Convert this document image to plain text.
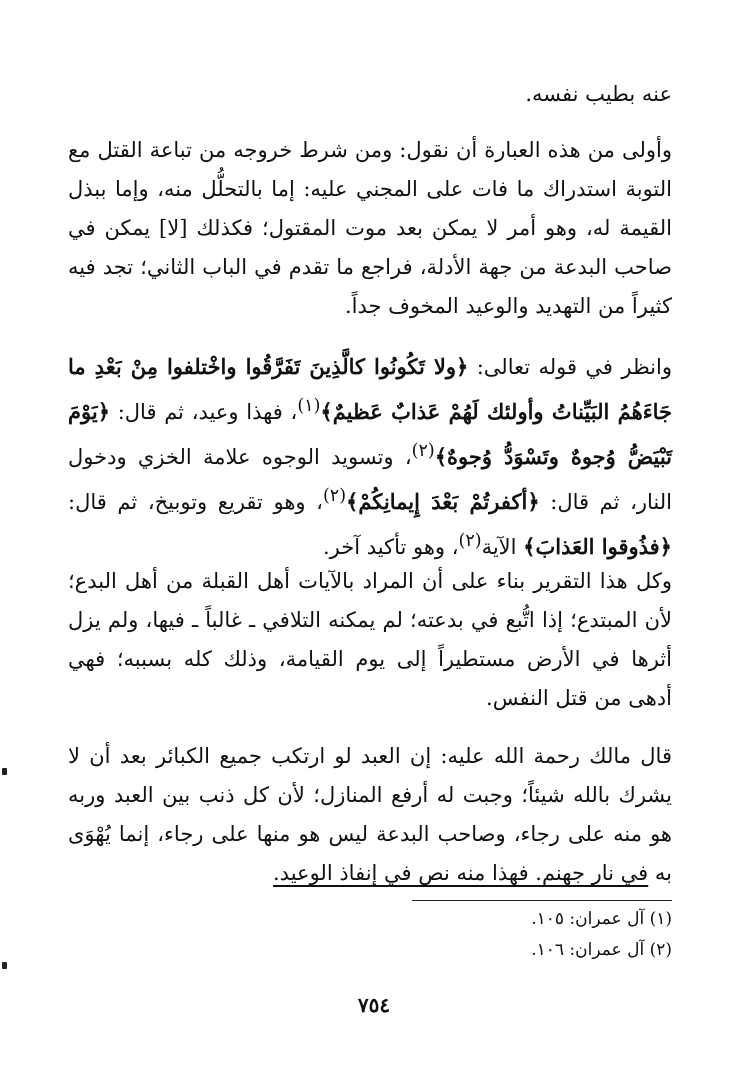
عنه بطيب نفسه.

وأولى من هذه العبارة أن نقول: ومن شرط خروجه من تباعة القتل مع التوبة استدراك ما فات على المجني عليه: إما بالتحلُّل منه، وإما ببذل القيمة له، وهو أمر لا يمكن بعد موت المقتول؛ فكذلك [لا] يمكن في صاحب البدعة من جهة الأدلة، فراجع ما تقدم في الباب الثاني؛ تجد فيه كثيراً من التهديد والوعيد المخوف جداً.

وانظر في قوله تعالى: ﴿ولا تَكُونُوا كالَّذِينَ تَفَرَّقُوا واخْتلفوا مِنْ بَعْدِ ما جَاءَهُمُ البَيِّناتُ وأولئك لَهُمْ عَذابٌ عَظيمٌ﴾$^{(١)}$، فهذا وعيد، ثم قال: ﴿يَوْمَ تَبْيَضُّ وُجوهٌ وتَسْوَدُّ وُجوهٌ﴾$^{(٢)}$، وتسويد الوجوه علامة الخزي ودخول النار، ثم قال: ﴿أكفرتُمْ بَعْدَ إِيمانِكُمْ﴾$^{(٢)}$، وهو تقريع وتوبيخ، ثم قال: ﴿فذُوقوا العَذابَ﴾ الآية$^{(٢)}$، وهو تأكيد آخر.

وكل هذا التقرير بناء على أن المراد بالآيات أهل القبلة من أهل البدع؛ لأن المبتدع؛ إذا اتُّبع في بدعته؛ لم يمكنه التلافي ـ غالباً ـ فيها، ولم يزل أثرها في الأرض مستطيراً إلى يوم القيامة، وذلك كله بسببه؛ فهي أدهى من قتل النفس.

قال مالك رحمة الله عليه: إن العبد لو ارتكب جميع الكبائر بعد أن لا يشرك بالله شيئاً؛ وجبت له أرفع المنازل؛ لأن كل ذنب بين العبد وربه هو منه على رجاء، وصاحب البدعة ليس هو منها على رجاء، إنما يُهْوَى به في نار جهنم. فهذا منه نص في إنفاذ الوعيد.

(١) آل عمران: ١٠٥.
(٢) آل عمران: ١٠٦.
٧٥٤
